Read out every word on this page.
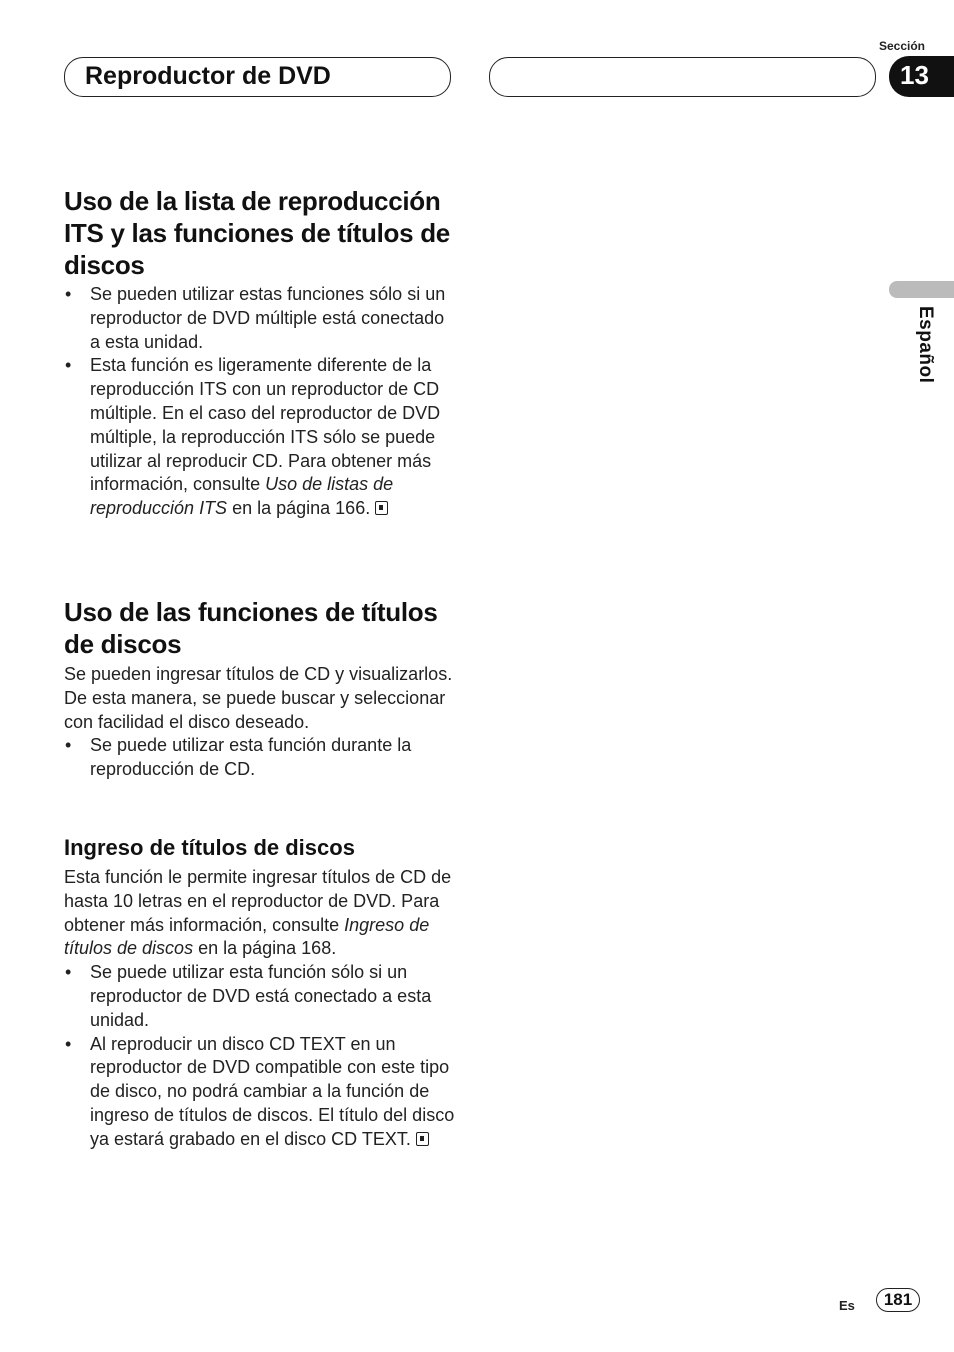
Reproductor de DVD
Sección
13
Español
Uso de la lista de reproducción ITS y las funciones de títulos de discos
• Se pueden utilizar estas funciones sólo si un reproductor de DVD múltiple está conectado a esta unidad.
• Esta función es ligeramente diferente de la reproducción ITS con un reproductor de CD múltiple. En el caso del reproductor de DVD múltiple, la reproducción ITS sólo se puede utilizar al reproducir CD. Para obtener más información, consulte Uso de listas de reproducción ITS en la página 166.
Uso de las funciones de títulos de discos

Se pueden ingresar títulos de CD y visualizarlos. De esta manera, se puede buscar y seleccionar con facilidad el disco deseado.

• Se puede utilizar esta función durante la reproducción de CD.
Ingreso de títulos de discos

Esta función le permite ingresar títulos de CD de hasta 10 letras en el reproductor de DVD. Para obtener más información, consulte Ingreso de títulos de discos en la página 168.

• Se puede utilizar esta función sólo si un reproductor de DVD está conectado a esta unidad.
• Al reproducir un disco CD TEXT en un reproductor de DVD compatible con este tipo de disco, no podrá cambiar a la función de ingreso de títulos de discos. El título del disco ya estará grabado en el disco CD TEXT.
Es	181
